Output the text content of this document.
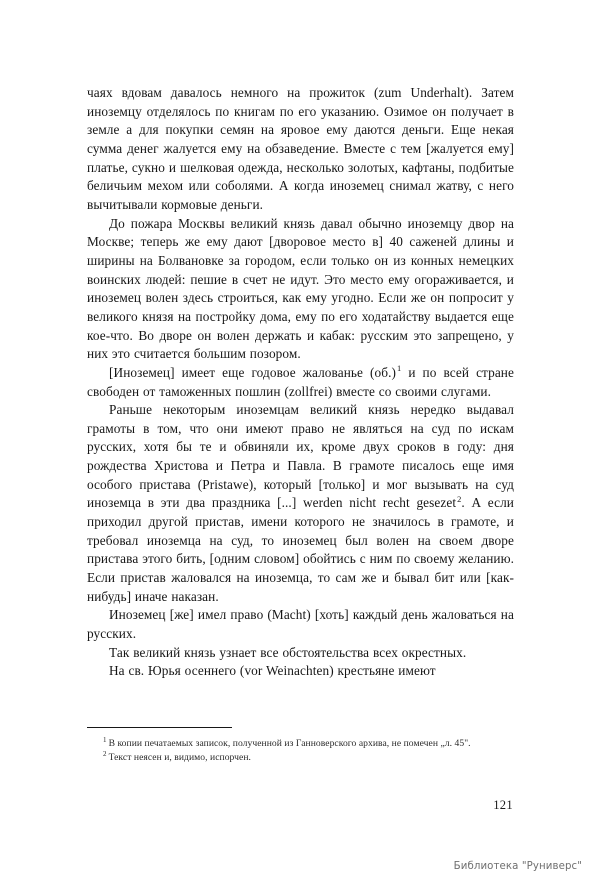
чаях вдовам давалось немного на прожиток (zum Underhalt). Затем иноземцу отделялось по книгам по его указанию. Озимое он получает в земле а для покупки семян на яровое ему даются деньги. Еще некая сумма денег жалуется ему на обзаведение. Вместе с тем [жалуется ему] платье, сукно и шелковая одежда, несколько золотых, кафтаны, подбитые беличьим мехом или соболями. А когда иноземец снимал жатву, с него вычитывали кормовые деньги.

До пожара Москвы великий князь давал обычно иноземцу двор на Москве; теперь же ему дают [дворовое место в] 40 саженей длины и ширины на Болвановке за городом, если только он из конных немецких воинских людей: пешие в счет не идут. Это место ему огораживается, и иноземец волен здесь строиться, как ему угодно. Если же он попросит у великого князя на постройку дома, ему по его ходатайству выдается еще кое-что. Во дворе он волен держать и кабак: русским это запрещено, у них это считается большим позором.

[Иноземец] имеет еще годовое жалованье $(об.)^1$ и по всей стране свободен от таможенных пошлин (zollfrei) вместе со своими слугами.

Раньше некоторым иноземцам великий князь нередко выдавал грамоты в том, что они имеют право не являться на суд по искам русских, хотя бы те и обвиняли их, кроме двух сроков в году: дня рождества Христова и Петра и Павла. В грамоте писалось еще имя особого пристава (Pristawe), который [только] и мог вызывать на суд иноземца в эти два праздника [...] werden nicht recht gesezet$^2$. А если приходил другой пристав, имени которого не значилось в грамоте, и требовал иноземца на суд, то иноземец был волен на своем дворе пристава этого бить, [одним словом] обойтись с ним по своему желанию. Если пристав жаловался на иноземца, то сам же и бывал бит или [как-нибудь] иначе наказан.

Иноземец [же] имел право (Macht) [хоть] каждый день жаловаться на русских.

Так великий князь узнает все обстоятельства всех окрестных.

На св. Юрья осеннего (vor Weinachten) крестьяне имеют

$^1$ В копии печатаемых записок, полученной из Ганноверского архива, не помечен „л. 45".

$^2$ Текст неясен и, видимо, испорчен.

121
Библиотека "Руниверс"
